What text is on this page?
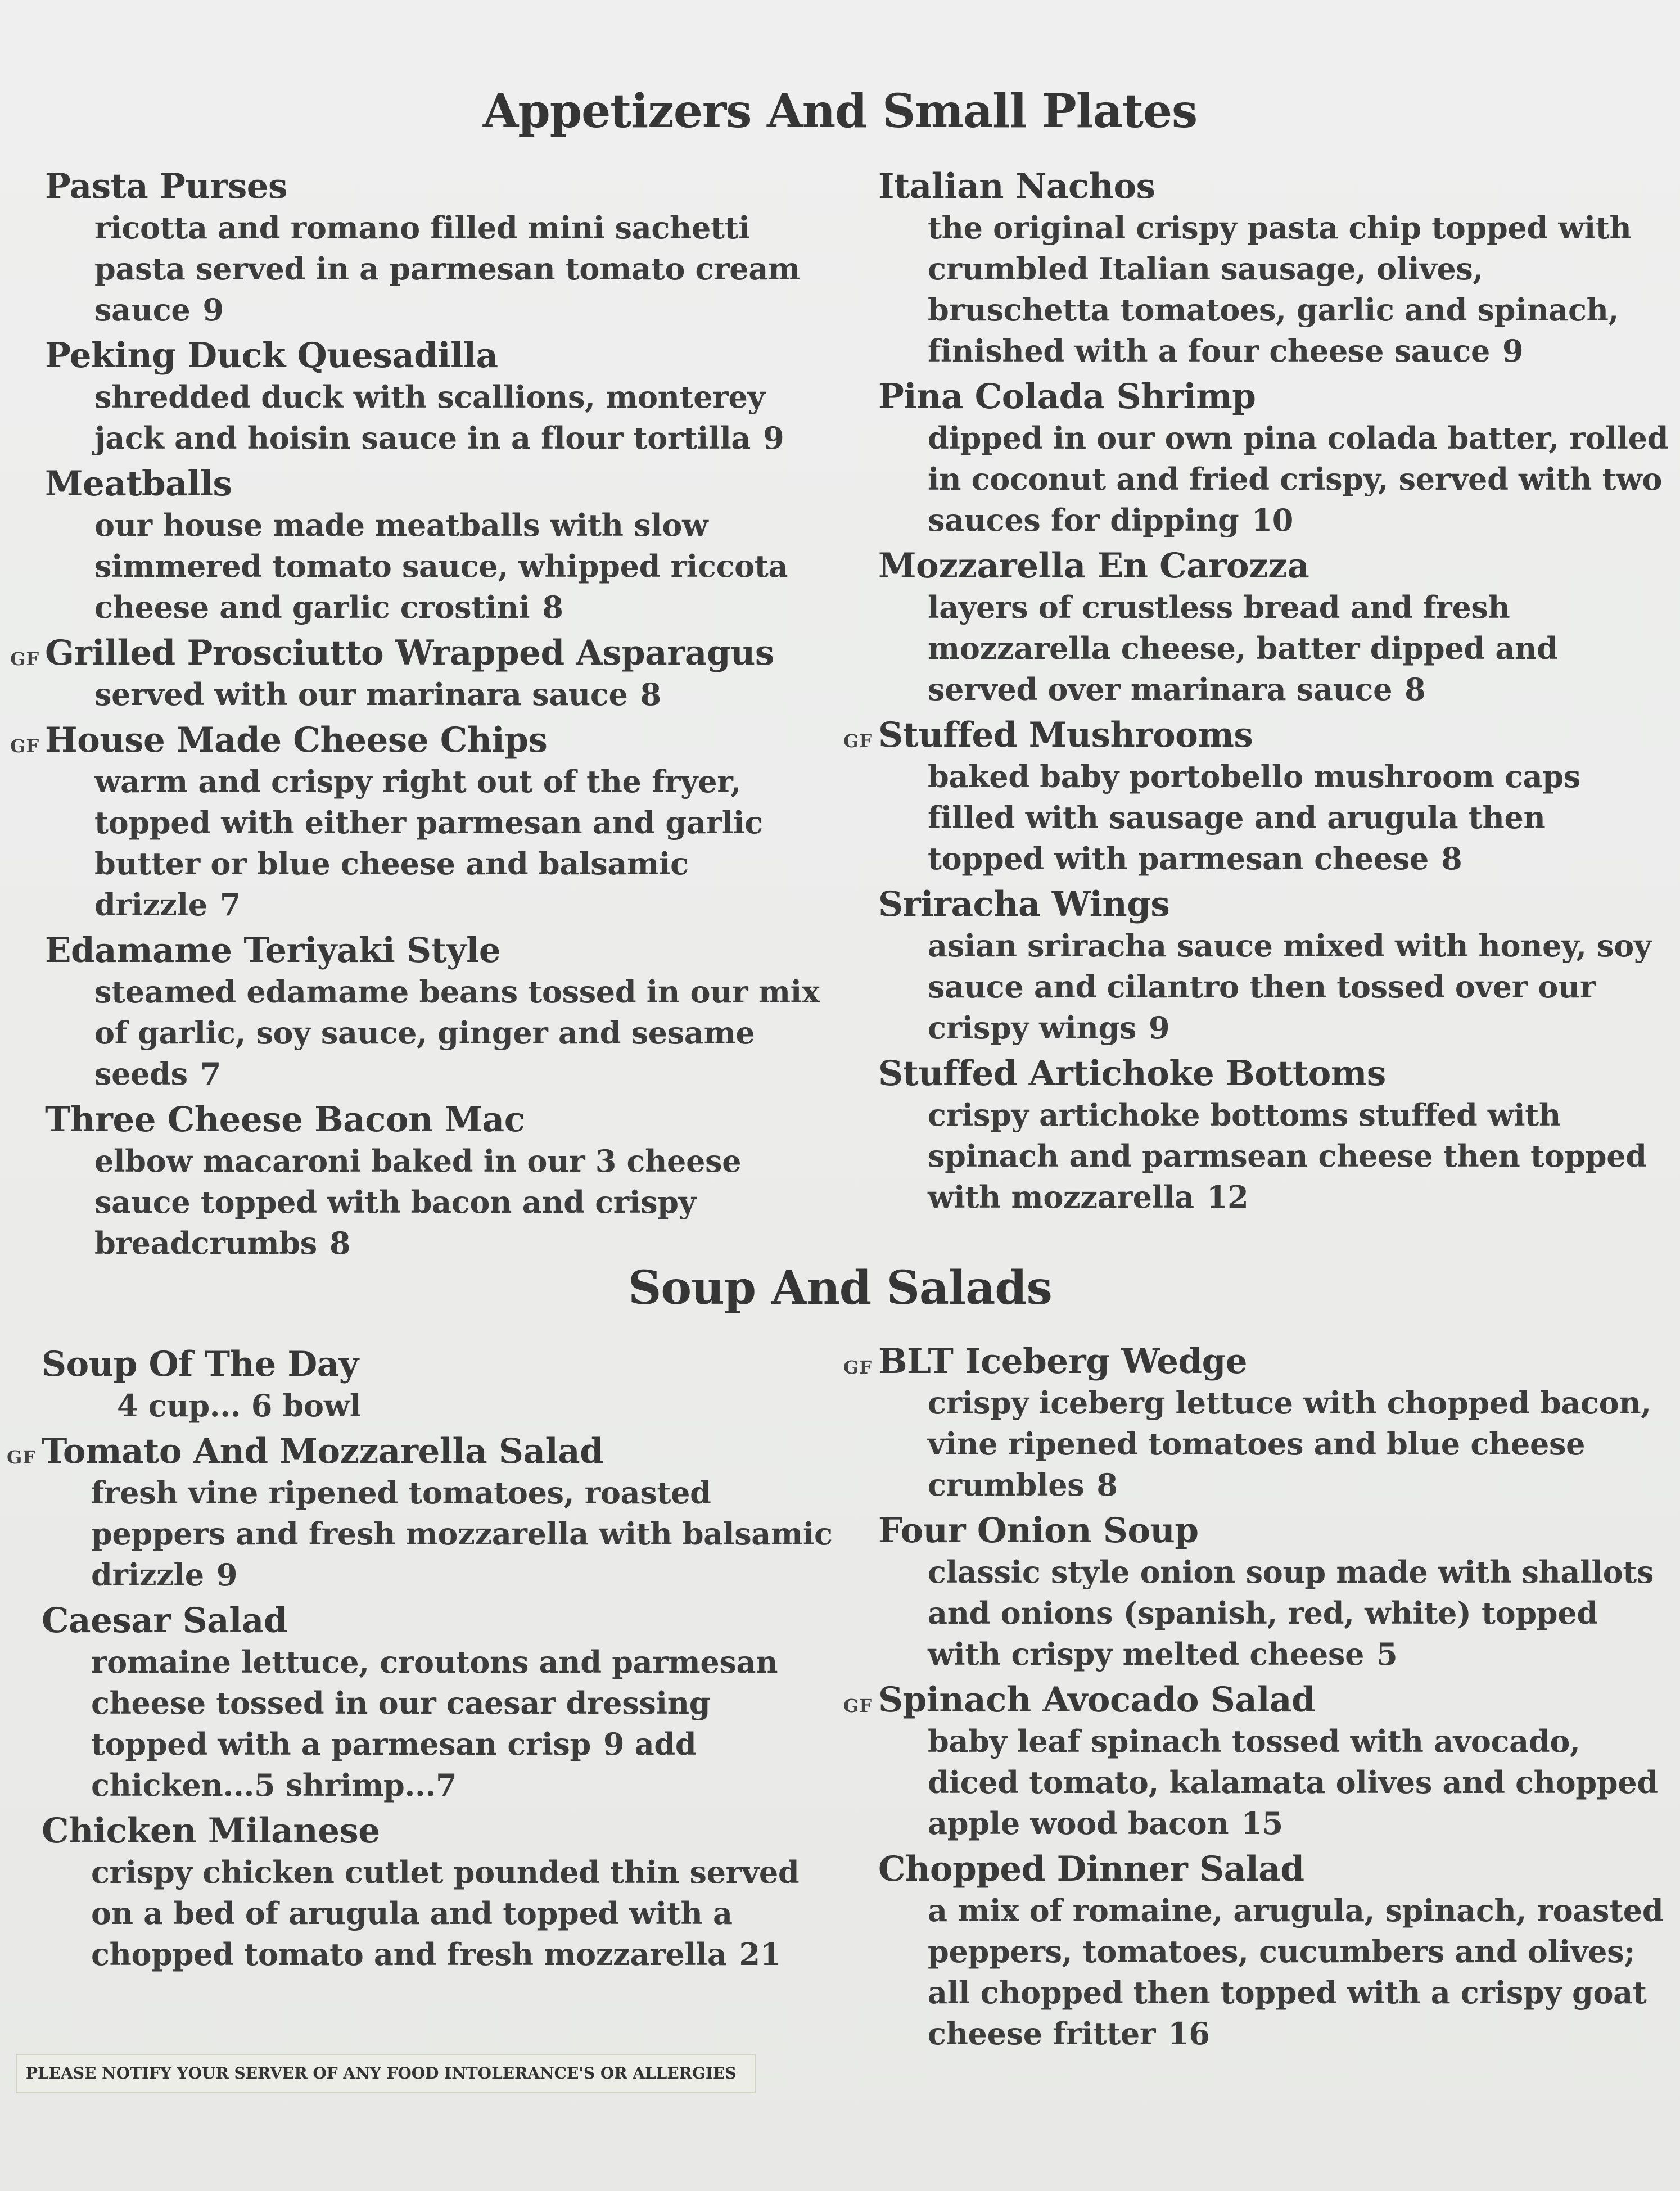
Appetizers And Small Plates
Pasta Purses
ricotta and romano filled mini sachetti pasta served in a parmesan tomato cream sauce 9
Peking Duck Quesadilla
shredded duck with scallions, monterey jack and hoisin sauce in a flour tortilla 9
Meatballs
our house made meatballs with slow simmered tomato sauce, whipped riccota cheese and garlic crostini 8
GF Grilled Prosciutto Wrapped Asparagus
served with our marinara sauce 8
GF House Made Cheese Chips
warm and crispy right out of the fryer, topped with either parmesan and garlic butter or blue cheese and balsamic drizzle 7
Edamame Teriyaki Style
steamed edamame beans tossed in our mix of garlic, soy sauce, ginger and sesame seeds 7
Three Cheese Bacon Mac
elbow macaroni baked in our 3 cheese sauce topped with bacon and crispy breadcrumbs 8
Italian Nachos
the original crispy pasta chip topped with crumbled Italian sausage, olives, bruschetta tomatoes, garlic and spinach, finished with a four cheese sauce 9
Pina Colada Shrimp
dipped in our own pina colada batter, rolled in coconut and fried crispy, served with two sauces for dipping 10
Mozzarella En Carozza
layers of crustless bread and fresh mozzarella cheese, batter dipped and served over marinara sauce 8
GF Stuffed Mushrooms
baked baby portobello mushroom caps filled with sausage and arugula then topped with parmesan cheese 8
Sriracha Wings
asian sriracha sauce mixed with honey, soy sauce and cilantro then tossed over our crispy wings 9
Stuffed Artichoke Bottoms
crispy artichoke bottoms stuffed with spinach and parmsean cheese then topped with mozzarella 12
Soup And Salads
Soup Of The Day
4 cup... 6 bowl
GF Tomato And Mozzarella Salad
fresh vine ripened tomatoes, roasted peppers and fresh mozzarella with balsamic drizzle 9
Caesar Salad
romaine lettuce, croutons and parmesan cheese tossed in our caesar dressing topped with a parmesan crisp 9 add chicken...5 shrimp...7
Chicken Milanese
crispy chicken cutlet pounded thin served on a bed of arugula and topped with a chopped tomato and fresh mozzarella 21
GF BLT Iceberg Wedge
crispy iceberg lettuce with chopped bacon, vine ripened tomatoes and blue cheese crumbles 8
Four Onion Soup
classic style onion soup made with shallots and onions (spanish, red, white) topped with crispy melted cheese 5
GF Spinach Avocado Salad
baby leaf spinach tossed with avocado, diced tomato, kalamata olives and chopped apple wood bacon 15
Chopped Dinner Salad
a mix of romaine, arugula, spinach, roasted peppers, tomatoes, cucumbers and olives; all chopped then topped with a crispy goat cheese fritter 16
PLEASE NOTIFY YOUR SERVER OF ANY FOOD INTOLERANCE'S OR ALLERGIES
